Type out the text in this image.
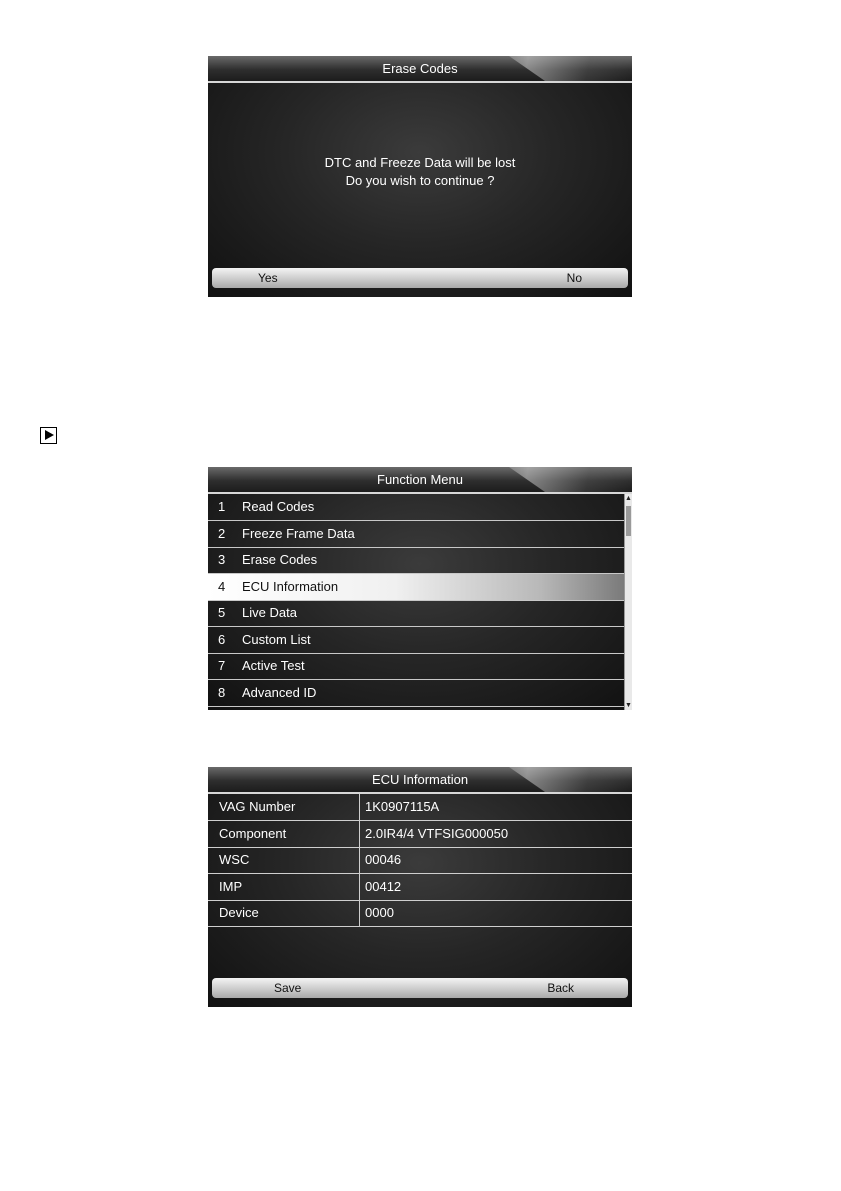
Erase Codes
DTC and Freeze Data will be lost
Do you wish to continue ?
Yes	No
Function Menu
1 Read Codes
2 Freeze Frame Data
3 Erase Codes
4 ECU Information
5 Live Data
6 Custom List
7 Active Test
8 Advanced ID
▲
▼
ECU Information
VAG Number	1K0907115A
Component	2.0IR4/4 VTFSIG000050
WSC	00046
IMP	00412
Device	0000
Save	Back
